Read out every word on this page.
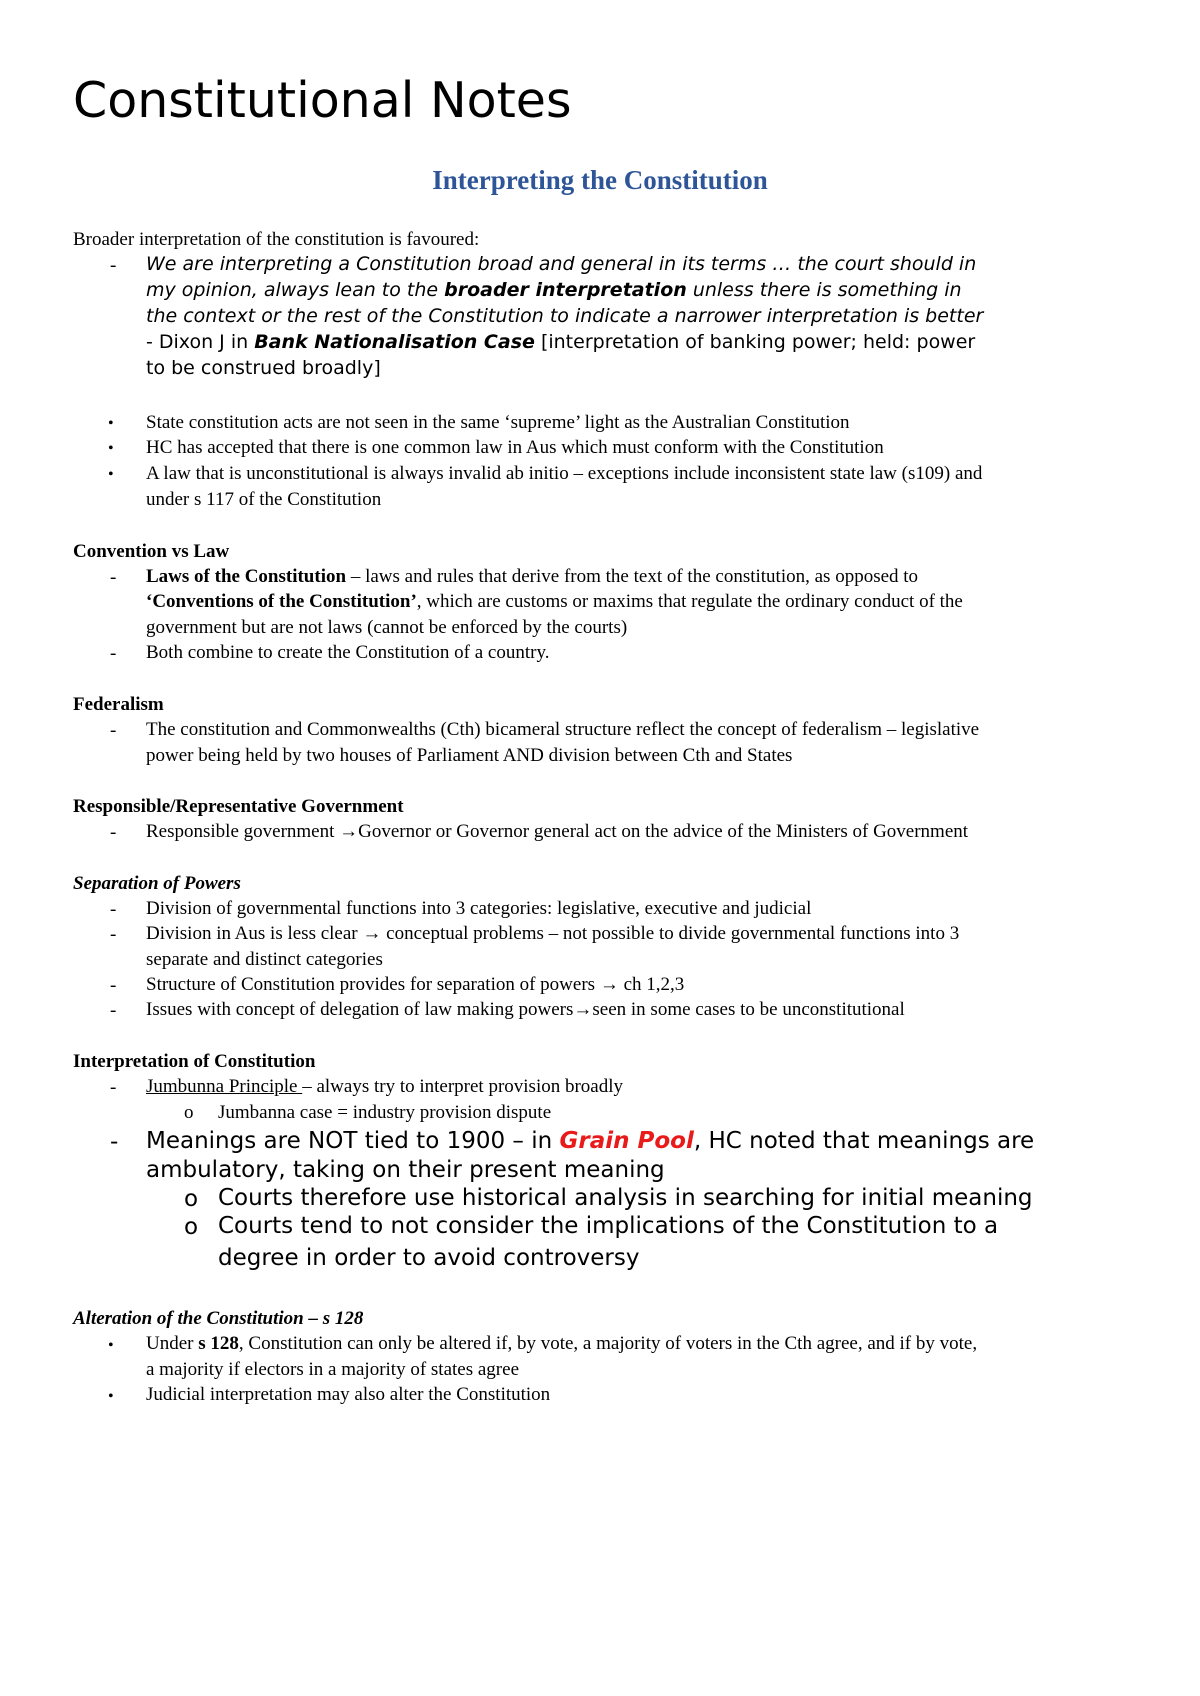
Constitutional Notes
Interpreting the Constitution
Broader interpretation of the constitution is favoured:
- We are interpreting a Constitution broad and general in its terms … the court should in
my opinion, always lean to the broader interpretation unless there is something in
the context or the rest of the Constitution to indicate a narrower interpretation is better
- Dixon J in Bank Nationalisation Case [interpretation of banking power; held: power
to be construed broadly]
• State constitution acts are not seen in the same ‘supreme’ light as the Australian Constitution
• HC has accepted that there is one common law in Aus which must conform with the Constitution
• A law that is unconstitutional is always invalid ab initio – exceptions include inconsistent state law (s109) and
under s 117 of the Constitution
Convention vs Law
- Laws of the Constitution – laws and rules that derive from the text of the constitution, as opposed to
‘Conventions of the Constitution’, which are customs or maxims that regulate the ordinary conduct of the
government but are not laws (cannot be enforced by the courts)
- Both combine to create the Constitution of a country.
Federalism
- The constitution and Commonwealths (Cth) bicameral structure reflect the concept of federalism – legislative
power being held by two houses of Parliament AND division between Cth and States
Responsible/Representative Government
- Responsible government →Governor or Governor general act on the advice of the Ministers of Government
Separation of Powers
- Division of governmental functions into 3 categories: legislative, executive and judicial
- Division in Aus is less clear → conceptual problems – not possible to divide governmental functions into 3
separate and distinct categories
- Structure of Constitution provides for separation of powers → ch 1,2,3
- Issues with concept of delegation of law making powers→seen in some cases to be unconstitutional
Interpretation of Constitution
- Jumbunna Principle – always try to interpret provision broadly
o Jumbanna case = industry provision dispute
- Meanings are NOT tied to 1900 – in Grain Pool, HC noted that meanings are
ambulatory, taking on their present meaning
o Courts therefore use historical analysis in searching for initial meaning
o Courts tend to not consider the implications of the Constitution to a
degree in order to avoid controversy
Alteration of the Constitution – s 128
• Under s 128, Constitution can only be altered if, by vote, a majority of voters in the Cth agree, and if by vote,
a majority if electors in a majority of states agree
• Judicial interpretation may also alter the Constitution
